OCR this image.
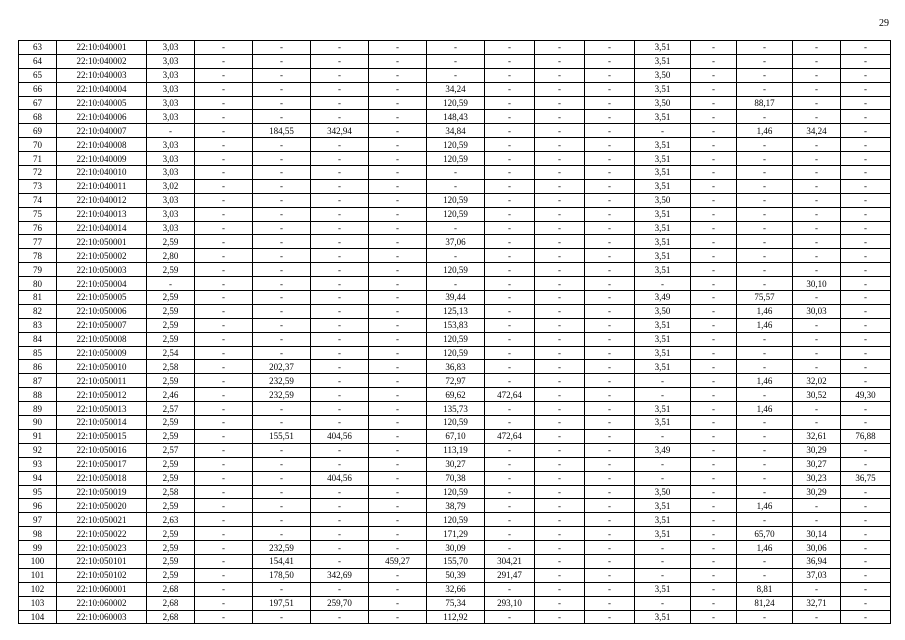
29
63	22:10:040001	3,03	-	-	-	-	-	-	-	-	3,51	-	-	-	-
64	22:10:040002	3,03	-	-	-	-	-	-	-	-	3,51	-	-	-	-
65	22:10:040003	3,03	-	-	-	-	-	-	-	-	3,50	-	-	-	-
66	22:10:040004	3,03	-	-	-	-	34,24	-	-	-	3,51	-	-	-	-
67	22:10:040005	3,03	-	-	-	-	120,59	-	-	-	3,50	-	88,17	-	-
68	22:10:040006	3,03	-	-	-	-	148,43	-	-	-	3,51	-	-	-	-
69	22:10:040007	-	-	184,55	342,94	-	34,84	-	-	-	-	-	1,46	34,24	-
70	22:10:040008	3,03	-	-	-	-	120,59	-	-	-	3,51	-	-	-	-
71	22:10:040009	3,03	-	-	-	-	120,59	-	-	-	3,51	-	-	-	-
72	22:10:040010	3,03	-	-	-	-	-	-	-	-	3,51	-	-	-	-
73	22:10:040011	3,02	-	-	-	-	-	-	-	-	3,51	-	-	-	-
74	22:10:040012	3,03	-	-	-	-	120,59	-	-	-	3,50	-	-	-	-
75	22:10:040013	3,03	-	-	-	-	120,59	-	-	-	3,51	-	-	-	-
76	22:10:040014	3,03	-	-	-	-	-	-	-	-	3,51	-	-	-	-
77	22:10:050001	2,59	-	-	-	-	37,06	-	-	-	3,51	-	-	-	-
78	22:10:050002	2,80	-	-	-	-	-	-	-	-	3,51	-	-	-	-
79	22:10:050003	2,59	-	-	-	-	120,59	-	-	-	3,51	-	-	-	-
80	22:10:050004	-	-	-	-	-	-	-	-	-	-	-	-	30,10	-
81	22:10:050005	2,59	-	-	-	-	39,44	-	-	-	3,49	-	75,57	-	-
82	22:10:050006	2,59	-	-	-	-	125,13	-	-	-	3,50	-	1,46	30,03	-
83	22:10:050007	2,59	-	-	-	-	153,83	-	-	-	3,51	-	1,46	-	-
84	22:10:050008	2,59	-	-	-	-	120,59	-	-	-	3,51	-	-	-	-
85	22:10:050009	2,54	-	-	-	-	120,59	-	-	-	3,51	-	-	-	-
86	22:10:050010	2,58	-	202,37	-	-	36,83	-	-	-	3,51	-	-	-	-
87	22:10:050011	2,59	-	232,59	-	-	72,97	-	-	-	-	-	1,46	32,02	-
88	22:10:050012	2,46	-	232,59	-	-	69,62	472,64	-	-	-	-	-	30,52	49,30
89	22:10:050013	2,57	-	-	-	-	135,73	-	-	-	3,51	-	1,46	-	-
90	22:10:050014	2,59	-	-	-	-	120,59	-	-	-	3,51	-	-	-	-
91	22:10:050015	2,59	-	155,51	404,56	-	67,10	472,64	-	-	-	-	-	32,61	76,88
92	22:10:050016	2,57	-	-	-	-	113,19	-	-	-	3,49	-	-	30,29	-
93	22:10:050017	2,59	-	-	-	-	30,27	-	-	-	-	-	-	30,27	-
94	22:10:050018	2,59	-	-	404,56	-	70,38	-	-	-	-	-	-	30,23	36,75
95	22:10:050019	2,58	-	-	-	-	120,59	-	-	-	3,50	-	-	30,29	-
96	22:10:050020	2,59	-	-	-	-	38,79	-	-	-	3,51	-	1,46	-	-
97	22:10:050021	2,63	-	-	-	-	120,59	-	-	-	3,51	-	-	-	-
98	22:10:050022	2,59	-	-	-	-	171,29	-	-	-	3,51	-	65,70	30,14	-
99	22:10:050023	2,59	-	232,59	-	-	30,09	-	-	-	-	-	1,46	30,06	-
100	22:10:050101	2,59	-	154,41	-	459,27	155,70	304,21	-	-	-	-	-	36,94	-
101	22:10:050102	2,59	-	178,50	342,69	-	50,39	291,47	-	-	-	-	-	37,03	-
102	22:10:060001	2,68	-	-	-	-	32,66	-	-	-	3,51	-	8,81	-	-
103	22:10:060002	2,68	-	197,51	259,70	-	75,34	293,10	-	-	-	-	81,24	32,71	-
104	22:10:060003	2,68	-	-	-	-	112,92	-	-	-	3,51	-	-	-	-
